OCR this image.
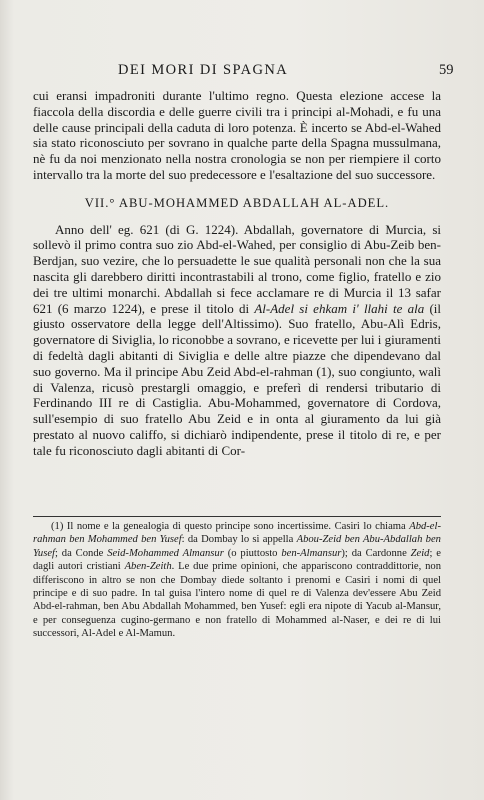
DEI MORI DI SPAGNA	59

cui eransi impadroniti durante l'ultimo regno. Questa elezione accese la fiaccola della discordia e delle guerre civili tra i principi al-Mohadi, e fu una delle cause principali della caduta di loro potenza. È incerto se Abd-el-Wahed sia stato riconosciuto per sovrano in qualche parte della Spagna mussulmana, nè fu da noi menzionato nella nostra cronologia se non per riempiere il corto intervallo tra la morte del suo predecessore e l'esaltazione del suo successore.

VII.° ABU-MOHAMMED ABDALLAH AL-ADEL.

Anno dell' eg. 621 (di G. 1224). Abdallah, governatore di Murcia, si sollevò il primo contra suo zio Abd-el-Wahed, per consiglio di Abu-Zeib ben-Berdjan, suo vezire, che lo persuadette le sue qualità personali non che la sua nascita gli darebbero diritti incontrastabili al trono, come figlio, fratello e zio dei tre ultimi monarchi. Abdallah si fece acclamare re di Murcia il 13 safar 621 (6 marzo 1224), e prese il titolo di Al-Adel si ehkam i' llahi te ala (il giusto osservatore della legge dell'Altissimo). Suo fratello, Abu-Alì Edris, governatore di Siviglia, lo riconobbe a sovrano, e ricevette per lui i giuramenti di fedeltà dagli abitanti di Siviglia e delle altre piazze che dipendevano dal suo governo. Ma il principe Abu Zeid Abd-el-rahman (1), suo congiunto, walì di Valenza, ricusò prestargli omaggio, e preferì di rendersi tributario di Ferdinando III re di Castiglia. Abu-Mohammed, governatore di Cordova, sull'esempio di suo fratello Abu Zeid e in onta al giuramento da lui già prestato al nuovo califfo, si dichiarò indipendente, prese il titolo di re, e per tale fu riconosciuto dagli abitanti di Cor-

(1) Il nome e la genealogia di questo principe sono incertissime. Casiri lo chiama Abd-el-rahman ben Mohammed ben Yusef: da Dombay lo si appella Abou-Zeid ben Abu-Abdallah ben Yusef; da Conde Seid-Mohammed Almansur (o piuttosto ben-Almansur); da Cardonne Zeid; e dagli autori cristiani Aben-Zeith. Le due prime opinioni, che appariscono contraddittorie, non differiscono in altro se non che Dombay diede soltanto i prenomi e Casiri i nomi di quel principe e di suo padre. In tal guisa l'intero nome di quel re di Valenza dev'essere Abu Zeid Abd-el-rahman, ben Abu Abdallah Mohammed, ben Yusef: egli era nipote di Yacub al-Mansur, e per conseguenza cugino-germano e non fratello di Mohammed al-Naser, e dei re di lui successori, Al-Adel e Al-Mamun.
